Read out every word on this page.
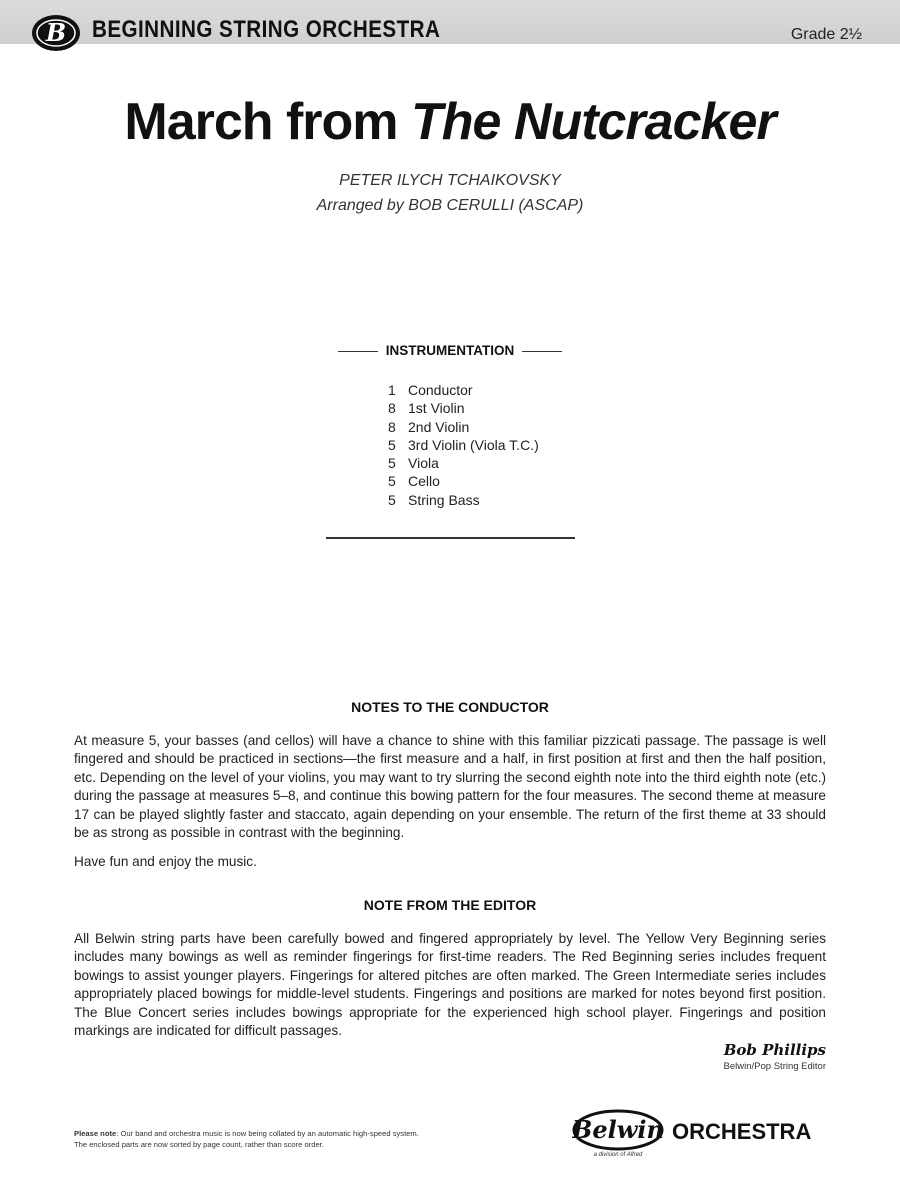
B BEGINNING STRING ORCHESTRA	Grade 2½
March from The Nutcracker
PETER ILYCH TCHAIKOVSKY
Arranged by BOB CERULLI (ASCAP)
INSTRUMENTATION
1 Conductor
8 1st Violin
8 2nd Violin
5 3rd Violin (Viola T.C.)
5 Viola
5 Cello
5 String Bass
NOTES TO THE CONDUCTOR
At measure 5, your basses (and cellos) will have a chance to shine with this familiar pizzicati passage. The passage is well fingered and should be practiced in sections—the first measure and a half, in first position at first and then the half position, etc. Depending on the level of your violins, you may want to try slurring the second eighth note into the third eighth note (etc.) during the passage at measures 5–8, and continue this bowing pattern for the four measures. The second theme at measure 17 can be played slightly faster and staccato, again depending on your ensemble. The return of the first theme at 33 should be as strong as possible in contrast with the beginning.
Have fun and enjoy the music.
NOTE FROM THE EDITOR
All Belwin string parts have been carefully bowed and fingered appropriately by level. The Yellow Very Beginning series includes many bowings as well as reminder fingerings for first-time readers. The Red Beginning series includes frequent bowings to assist younger players. Fingerings for altered pitches are often marked. The Green Intermediate series includes appropriately placed bowings for middle-level students. Fingerings and positions are marked for notes beyond first position. The Blue Concert series includes bowings appropriate for the experienced high school player. Fingerings and position markings are indicated for difficult passages.
Bob Phillips
Belwin/Pop String Editor
Please note: Our band and orchestra music is now being collated by an automatic high-speed system.
The enclosed parts are now sorted by page count, rather than score order.
Belwin ORCHESTRA
a division of Alfred
